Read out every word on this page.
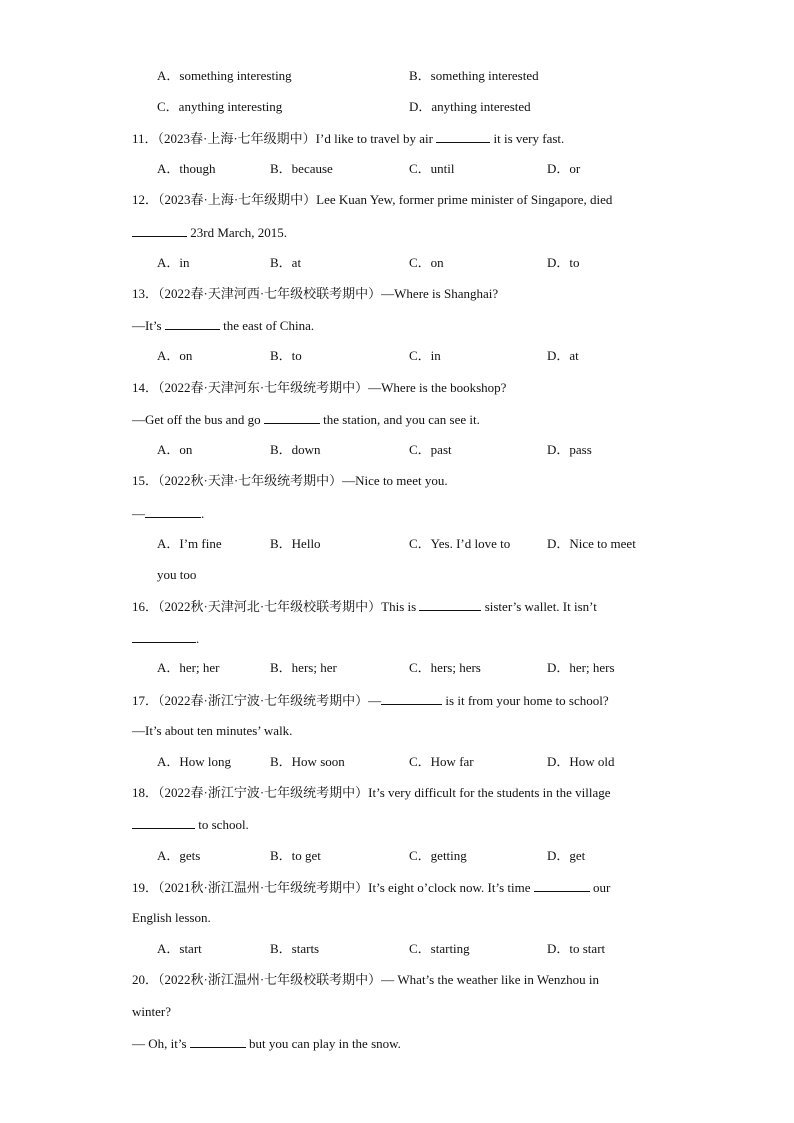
A．something interesting	B．something interested
C．anything interesting	D．anything interested
11．（2023春·上海·七年级期中）I’d like to travel by air	it is very fast.
A．though	B．because	C．until	D．or
12．（2023春·上海·七年级期中）Lee Kuan Yew, former prime minister of Singapore, died
23rd March, 2015.
A．in	B．at	C．on	D．to
13．（2022春·天津河西·七年级校联考期中）—Where is Shanghai?
—It’s	the east of China.
A．on	B．to	C．in	D．at
14．（2022春·天津河东·七年级统考期中）—Where is the bookshop?
—Get off the bus and go	the station, and you can see it.
A．on	B．down	C．past	D．pass
15．（2022秋·天津·七年级统考期中）—Nice to meet you.
—	.
A．I’m fine	B．Hello	C．Yes. I’d love to	D．Nice to meet
you too
16．（2022秋·天津河北·七年级校联考期中）This is	sister’s wallet. It isn’t
.
A．her; her	B．hers; her	C．hers; hers	D．her; hers
17．（2022春·浙江宁波·七年级统考期中）—	is it from your home to school?
—It’s about ten minutes’ walk.
A．How long	B．How soon	C．How far	D．How old
18．（2022春·浙江宁波·七年级统考期中）It’s very difficult for the students in the village
to school.
A．gets	B．to get	C．getting	D．get
19．（2021秋·浙江温州·七年级统考期中）It’s eight o’clock now. It’s time	our
English lesson.
A．start	B．starts	C．starting	D．to start
20．（2022秋·浙江温州·七年级校联考期中）— What’s the weather like in Wenzhou in
winter?
— Oh, it’s	but you can play in the snow.
